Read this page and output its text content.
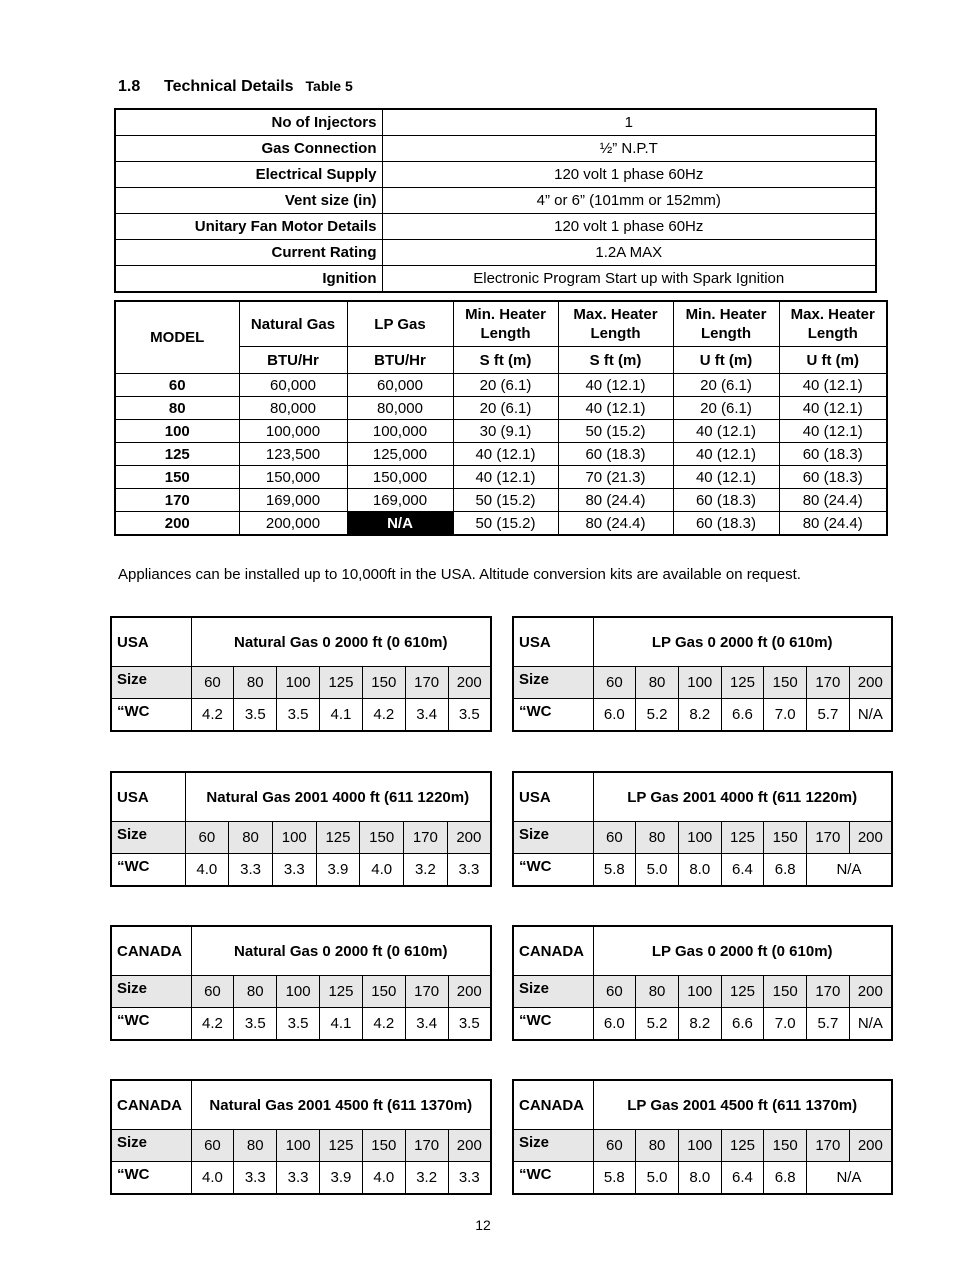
1.8 Technical Details Table 5
No of Injectors	1
Gas Connection	½” N.P.T
Electrical Supply	120 volt 1 phase 60Hz
Vent size (in)	4” or 6” (101mm or 152mm)
Unitary Fan Motor Details	120 volt 1 phase 60Hz
Current Rating	1.2A MAX
Ignition	Electronic Program Start up with Spark Ignition
MODEL	Natural Gas	LP Gas	Min. Heater Length	Max. Heater Length	Min. Heater Length	Max. Heater Length
	BTU/Hr	BTU/Hr	S ft (m)	S ft (m)	U ft (m)	U ft (m)
60	60,000	60,000	20 (6.1)	40 (12.1)	20 (6.1)	40 (12.1)
80	80,000	80,000	20 (6.1)	40 (12.1)	20 (6.1)	40 (12.1)
100	100,000	100,000	30 (9.1)	50 (15.2)	40 (12.1)	40 (12.1)
125	123,500	125,000	40 (12.1)	60 (18.3)	40 (12.1)	60 (18.3)
150	150,000	150,000	40 (12.1)	70 (21.3)	40 (12.1)	60 (18.3)
170	169,000	169,000	50 (15.2)	80 (24.4)	60 (18.3)	80 (24.4)
200	200,000	N/A	50 (15.2)	80 (24.4)	60 (18.3)	80 (24.4)
Appliances can be installed up to 10,000ft in the USA. Altitude conversion kits are available on request.
USA	Natural Gas 0 2000 ft (0 610m)						
Size	60	80	100	125	150	170	200
“WC	4.2	3.5	3.5	4.1	4.2	3.4	3.5
USA	LP Gas 0 2000 ft (0 610m)						
Size	60	80	100	125	150	170	200
“WC	6.0	5.2	8.2	6.6	7.0	5.7	N/A
USA	Natural Gas 2001 4000 ft (611 1220m)						
Size	60	80	100	125	150	170	200
“WC	4.0	3.3	3.3	3.9	4.0	3.2	3.3
USA	LP Gas 2001 4000 ft (611 1220m)						
Size	60	80	100	125	150	170	200
“WC	5.8	5.0	8.0	6.4	6.8	N/A	
CANADA	Natural Gas 0 2000 ft (0 610m)						
Size	60	80	100	125	150	170	200
“WC	4.2	3.5	3.5	4.1	4.2	3.4	3.5
CANADA	LP Gas 0 2000 ft (0 610m)						
Size	60	80	100	125	150	170	200
“WC	6.0	5.2	8.2	6.6	7.0	5.7	N/A
CANADA	Natural Gas 2001 4500 ft (611 1370m)						
Size	60	80	100	125	150	170	200
“WC	4.0	3.3	3.3	3.9	4.0	3.2	3.3
CANADA	LP Gas 2001 4500 ft (611 1370m)						
Size	60	80	100	125	150	170	200
“WC	5.8	5.0	8.0	6.4	6.8	N/A	
12
